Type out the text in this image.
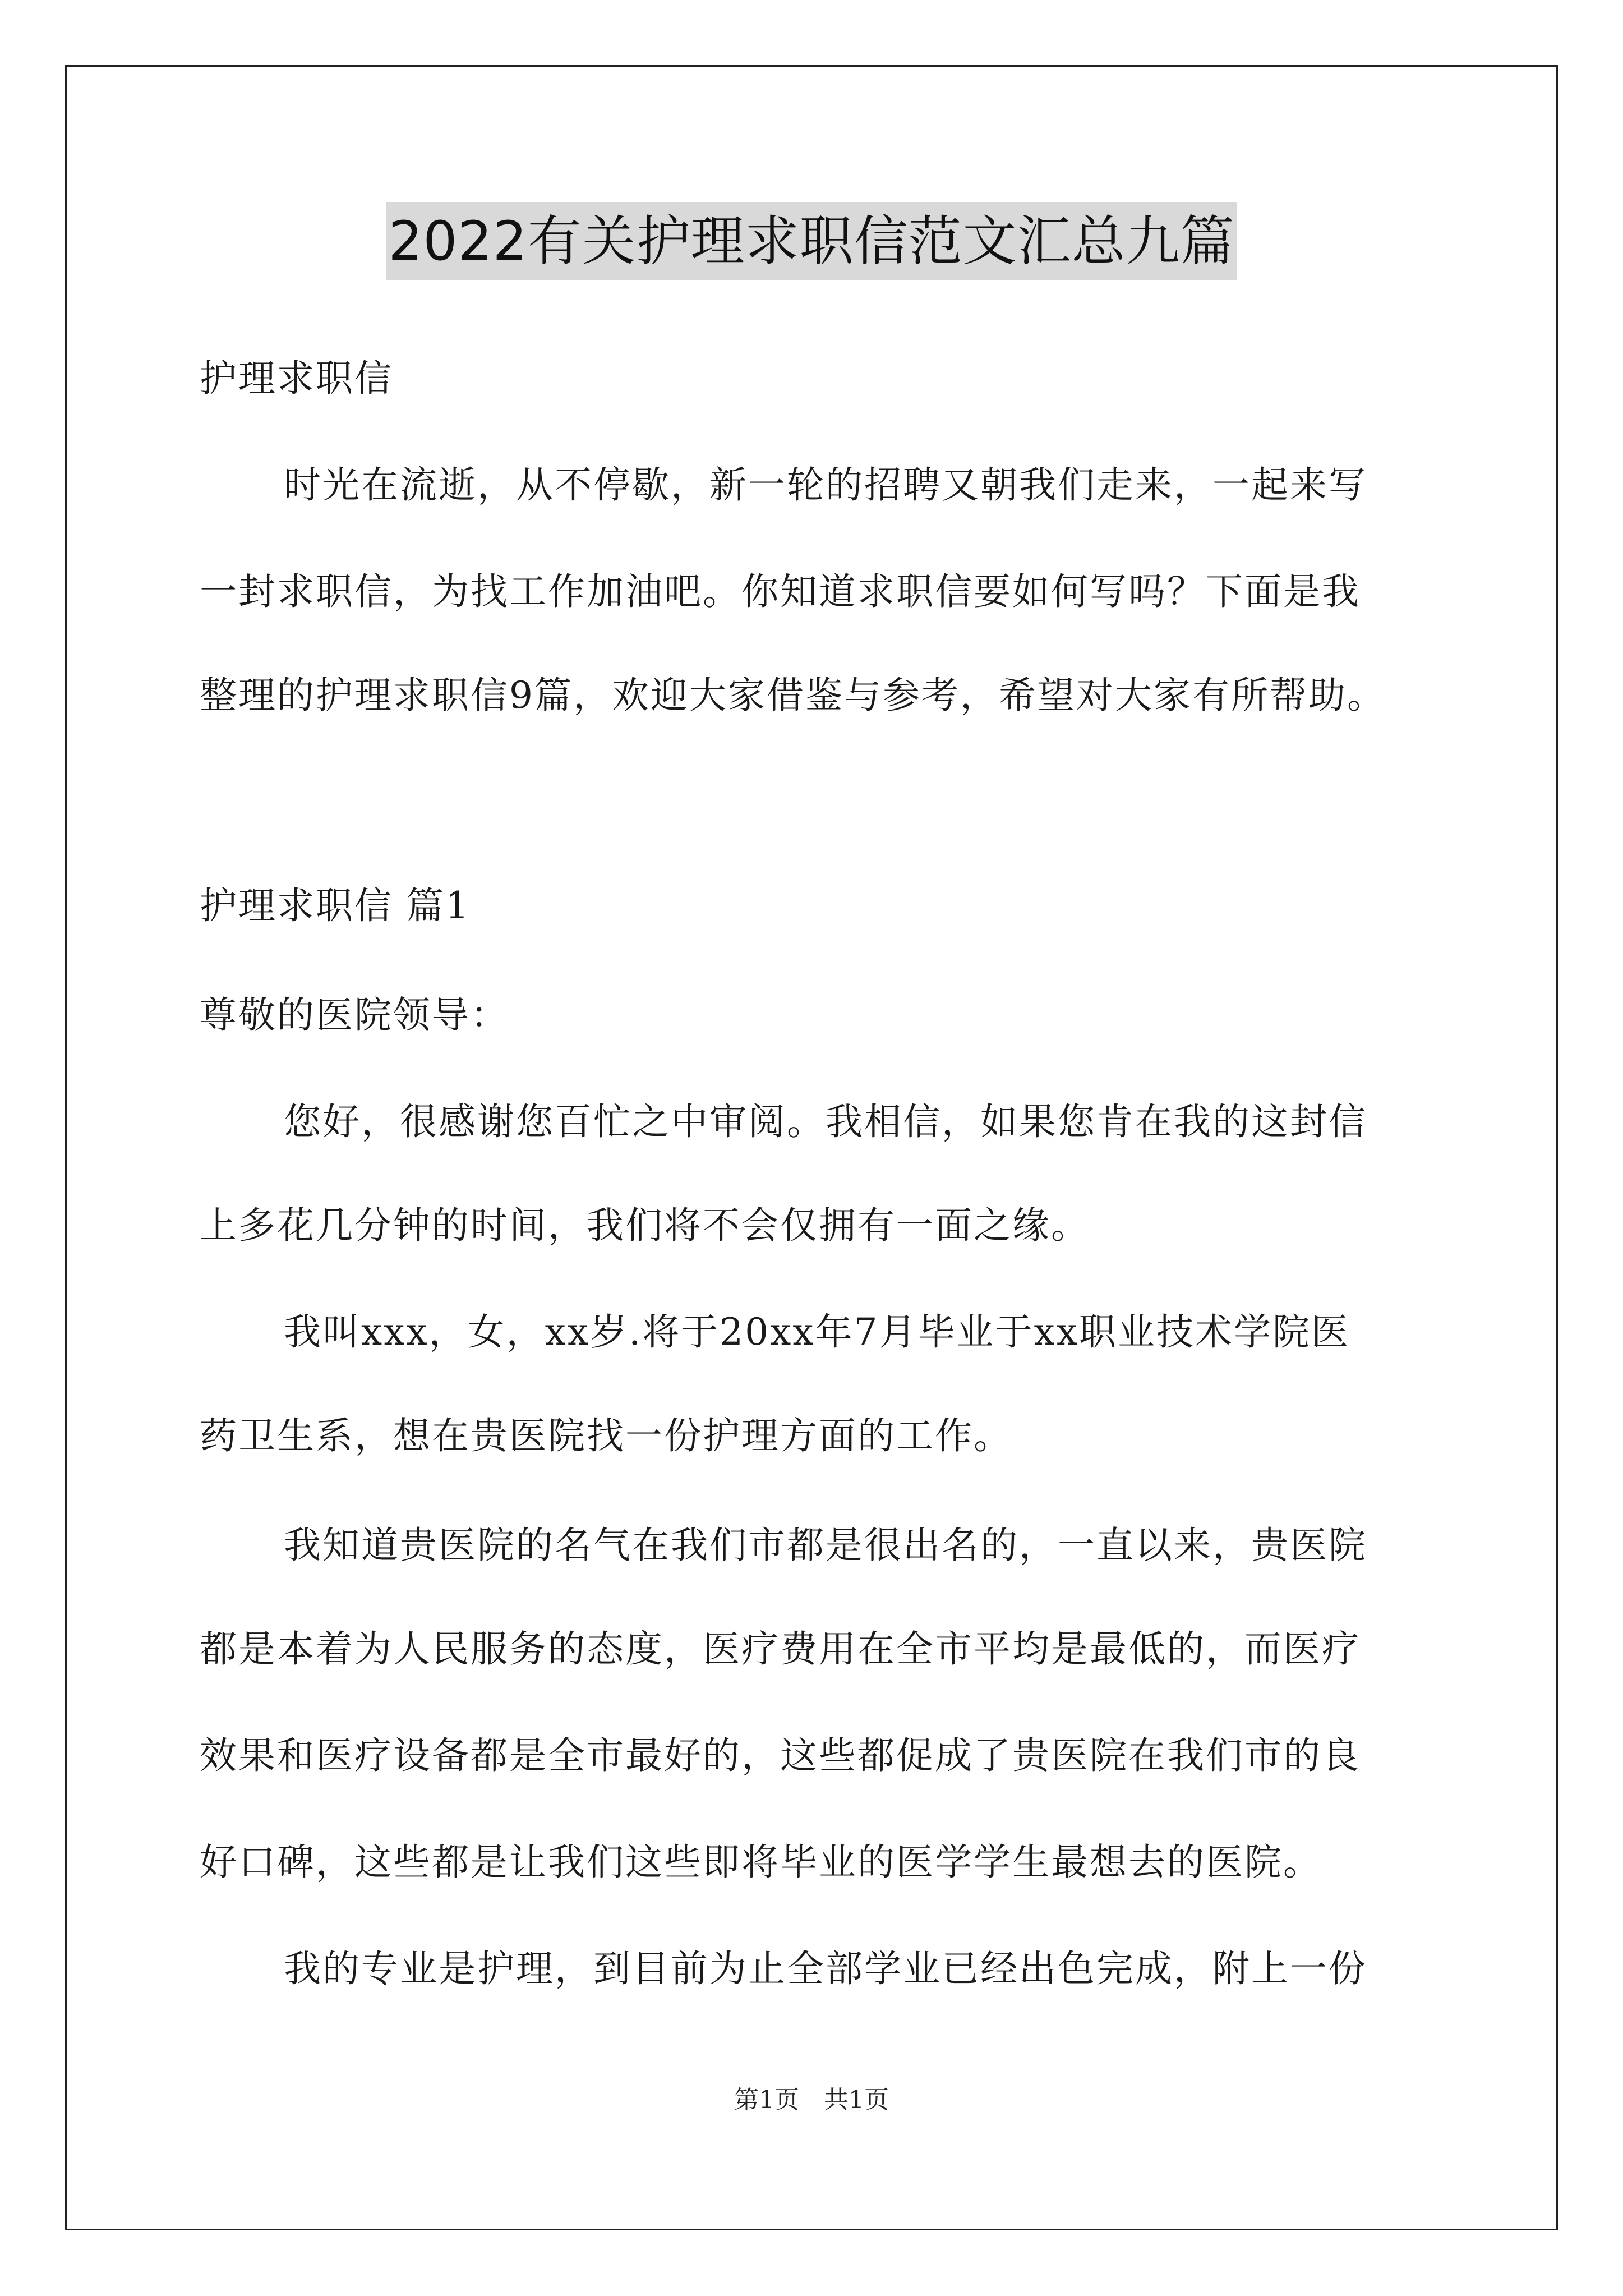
2022有关护理求职信范文汇总九篇
护理求职信
时光在流逝，从不停歇，新一轮的招聘又朝我们走来，一起来写
一封求职信，为找工作加油吧。你知道求职信要如何写吗？下面是我
整理的护理求职信9篇，欢迎大家借鉴与参考，希望对大家有所帮助。
护理求职信 篇1
尊敬的医院领导：
您好，很感谢您百忙之中审阅。我相信，如果您肯在我的这封信
上多花几分钟的时间，我们将不会仅拥有一面之缘。
我叫xxx，女，xx岁.将于20xx年7月毕业于xx职业技术学院医
药卫生系，想在贵医院找一份护理方面的工作。
我知道贵医院的名气在我们市都是很出名的，一直以来，贵医院
都是本着为人民服务的态度，医疗费用在全市平均是最低的，而医疗
效果和医疗设备都是全市最好的，这些都促成了贵医院在我们市的良
好口碑，这些都是让我们这些即将毕业的医学学生最想去的医院。
我的专业是护理，到目前为止全部学业已经出色完成，附上一份
第1页 共1页
